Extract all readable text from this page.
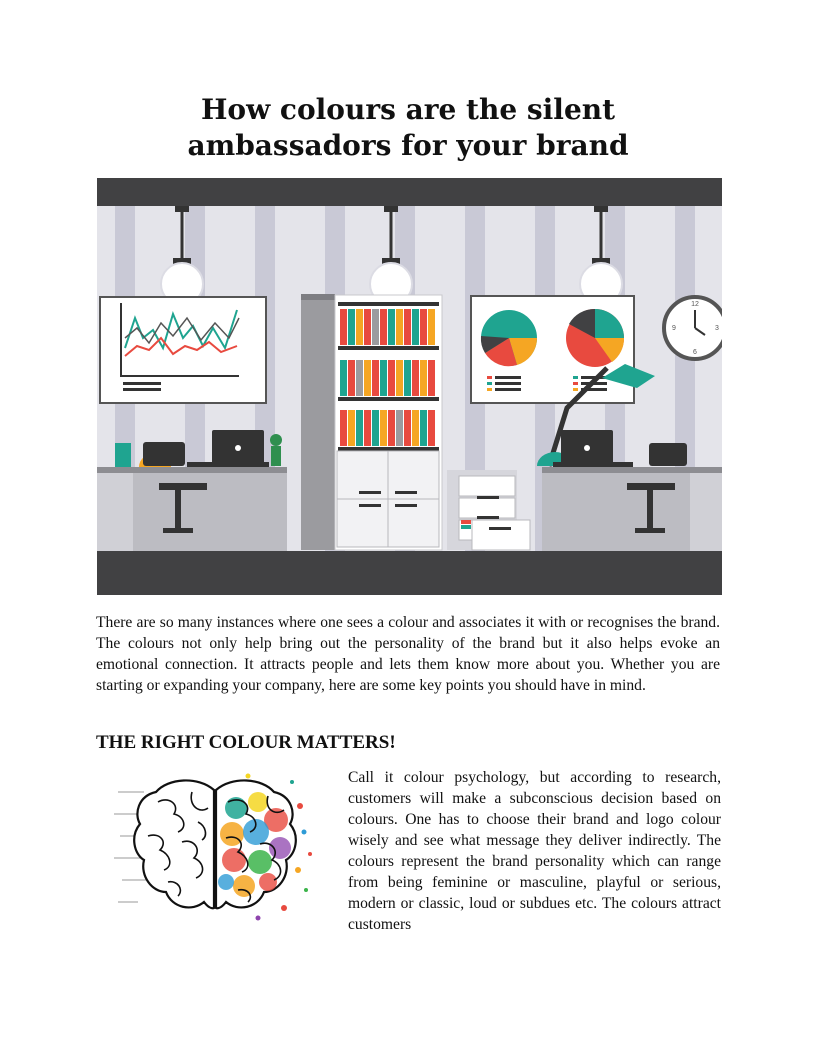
How colours are the silent ambassadors for your brand
12
3
6
9

There are so many instances where one sees a colour and associates it with or recognises the brand. The colours not only help bring out the personality of the brand but it also helps evoke an emotional connection. It attracts people and lets them know more about you. Whether you are starting or expanding your company, here are some key points you should have in mind.

THE RIGHT COLOUR MATTERS!

Call it colour psychology, but according to research, customers will make a subconscious decision based on colours. One has to choose their brand and logo colour wisely and see what message they deliver indirectly. The colours represent the brand personality which can range from being feminine or masculine, playful or serious, modern or classic, loud or subdues etc. The colours attract customers
